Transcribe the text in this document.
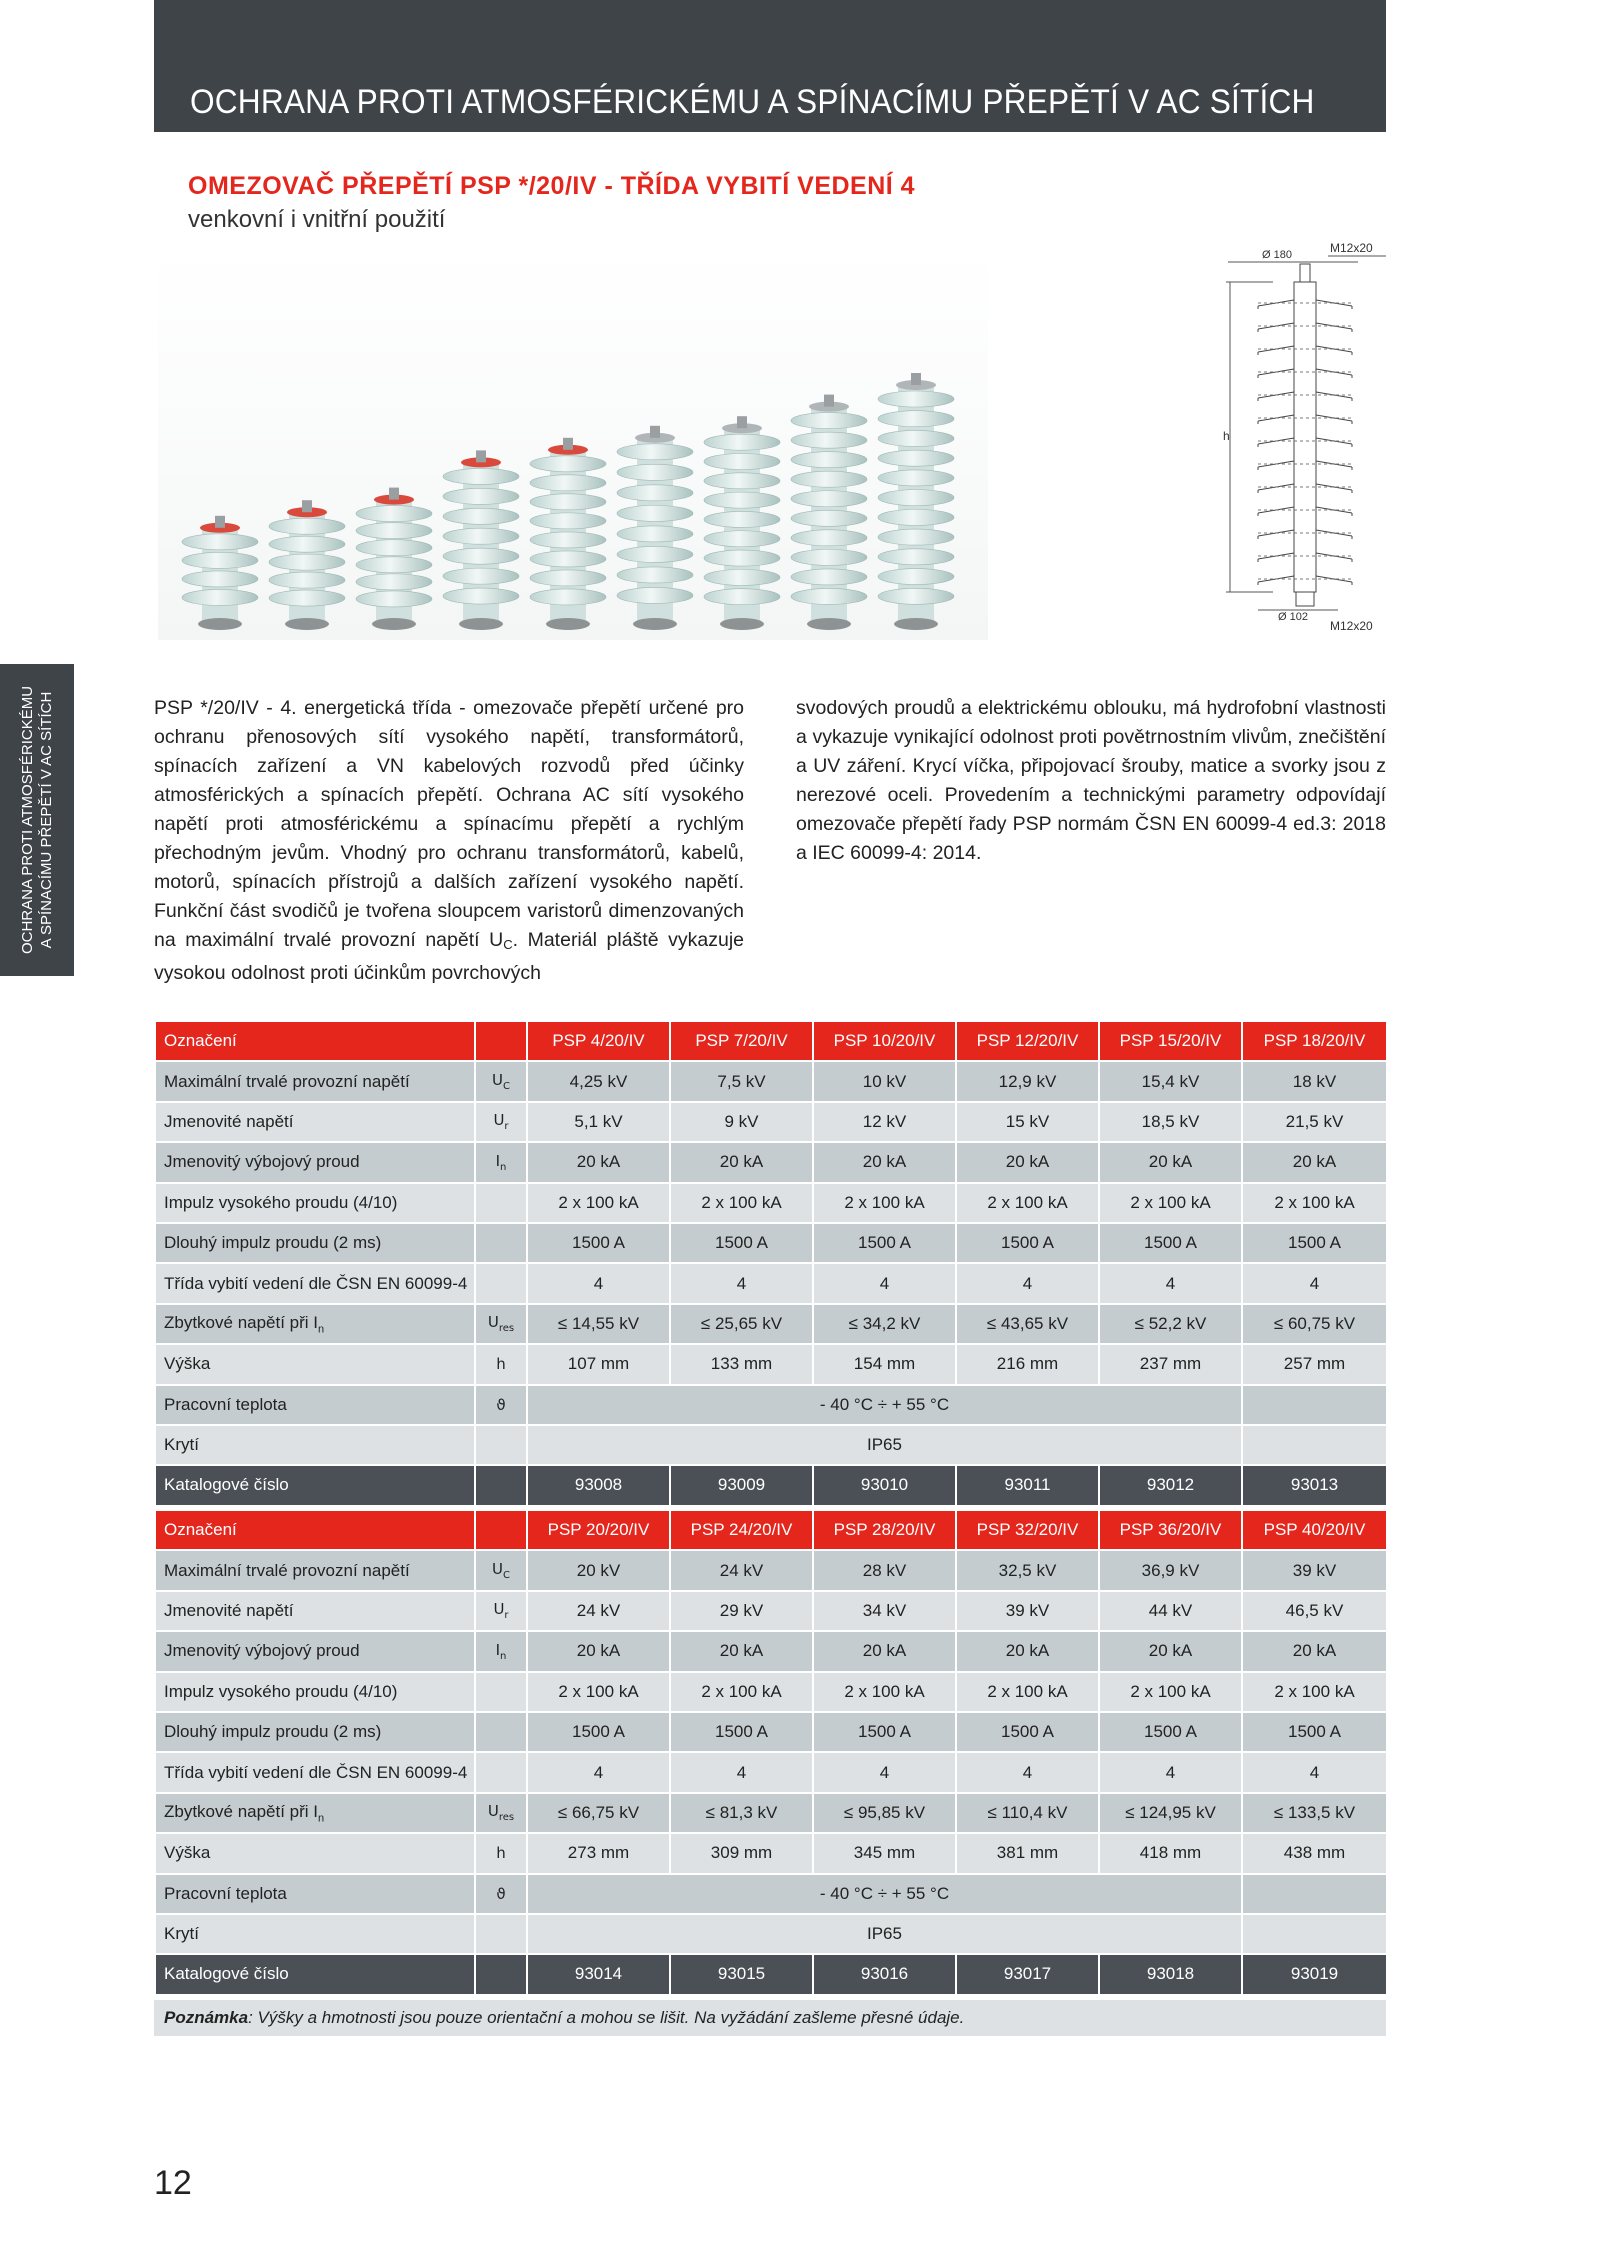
OCHRANA PROTI ATMOSFÉRICKÉMU A SPÍNACÍMU PŘEPĚTÍ V AC SÍTÍCH
OMEZOVAČ PŘEPĚTÍ PSP */20/IV - TŘÍDA VYBITÍ VEDENÍ 4
venkovní i vnitřní použití
Ø 180	M12x20
h
Ø 102
M12x20
OCHRANA PROTI ATMOSFÉRICKÉMU A SPÍNACÍMU PŘEPĚTÍ V AC SÍTÍCH	PSP */20/IV - 4. energetická třída - omezovače přepětí určené pro ochranu přenosových sítí vysokého napětí, transformátorů, spínacích zařízení a VN kabelových rozvodů před účinky atmosférických a spínacích přepětí. Ochrana AC sítí vysokého napětí proti atmosférickému a spínacímu přepětí a rychlým přechodným jevům. Vhodný pro ochranu transformátorů, kabelů, motorů, spínacích přístrojů a dalších zařízení vysokého napětí. Funkční část svodičů je tvořena sloupcem varistorů dimenzovaných na maximální trvalé provozní napětí UC. Materiál pláště vykazuje vysokou odolnost proti účinkům povrchových
svodových proudů a elektrickému oblouku, má hydrofobní vlastnosti a vykazuje vynikající odolnost proti povětrnostním vlivům, znečištění a UV záření. Krycí víčka, připojovací šrouby, matice a svorky jsou z nerezové oceli. Provedením a technickými parametry odpovídají omezovače přepětí řady PSP normám ČSN EN 60099-4 ed.3: 2018 a IEC 60099-4: 2014.
Označení		PSP 4/20/IV	PSP 7/20/IV	PSP 10/20/IV	PSP 12/20/IV	PSP 15/20/IV	PSP 18/20/IV
Maximální trvalé provozní napětí	$U_C$	4,25 kV	7,5 kV	10 kV	12,9 kV	15,4 kV	18 kV
Jmenovité napětí	$U_r$	5,1 kV	9 kV	12 kV	15 kV	18,5 kV	21,5 kV
Jmenovitý výbojový proud	$I_n$	20 kA	20 kA	20 kA	20 kA	20 kA	20 kA
Impulz vysokého proudu (4/10)		2 x 100 kA	2 x 100 kA	2 x 100 kA	2 x 100 kA	2 x 100 kA	2 x 100 kA
Dlouhý impulz proudu (2 ms)		1500 A	1500 A	1500 A	1500 A	1500 A	1500 A
Třída vybití vedení dle ČSN EN 60099-4		4	4	4	4	4	4
Zbytkové napětí při $I_n$	$U_{res}$	≤ 14,55 kV	≤ 25,65 kV	≤ 34,2 kV	≤ 43,65 kV	≤ 52,2 kV	≤ 60,75 kV
Výška	h	107 mm	133 mm	154 mm	216 mm	237 mm	257 mm
Pracovní teplota	ϑ	- 40 °C ÷ + 55 °C					
Krytí		IP65					
Katalogové číslo		93008	93009	93010	93011	93012	93013
Označení		PSP 20/20/IV	PSP 24/20/IV	PSP 28/20/IV	PSP 32/20/IV	PSP 36/20/IV	PSP 40/20/IV
Maximální trvalé provozní napětí	$U_C$	20 kV	24 kV	28 kV	32,5 kV	36,9 kV	39 kV
Jmenovité napětí	$U_r$	24 kV	29 kV	34 kV	39 kV	44 kV	46,5 kV
Jmenovitý výbojový proud	$I_n$	20 kA	20 kA	20 kA	20 kA	20 kA	20 kA
Impulz vysokého proudu (4/10)		2 x 100 kA	2 x 100 kA	2 x 100 kA	2 x 100 kA	2 x 100 kA	2 x 100 kA
Dlouhý impulz proudu (2 ms)		1500 A	1500 A	1500 A	1500 A	1500 A	1500 A
Třída vybití vedení dle ČSN EN 60099-4		4	4	4	4	4	4
Zbytkové napětí při $I_n$	$U_{res}$	≤ 66,75 kV	≤ 81,3 kV	≤ 95,85 kV	≤ 110,4 kV	≤ 124,95 kV	≤ 133,5 kV
Výška	h	273 mm	309 mm	345 mm	381 mm	418 mm	438 mm
Pracovní teplota	ϑ	- 40 °C ÷ + 55 °C					
Krytí		IP65					
Katalogové číslo		93014	93015	93016	93017	93018	93019
Poznámka: Výšky a hmotnosti jsou pouze orientační a mohou se lišit. Na vyžádání zašleme přesné údaje.
12
